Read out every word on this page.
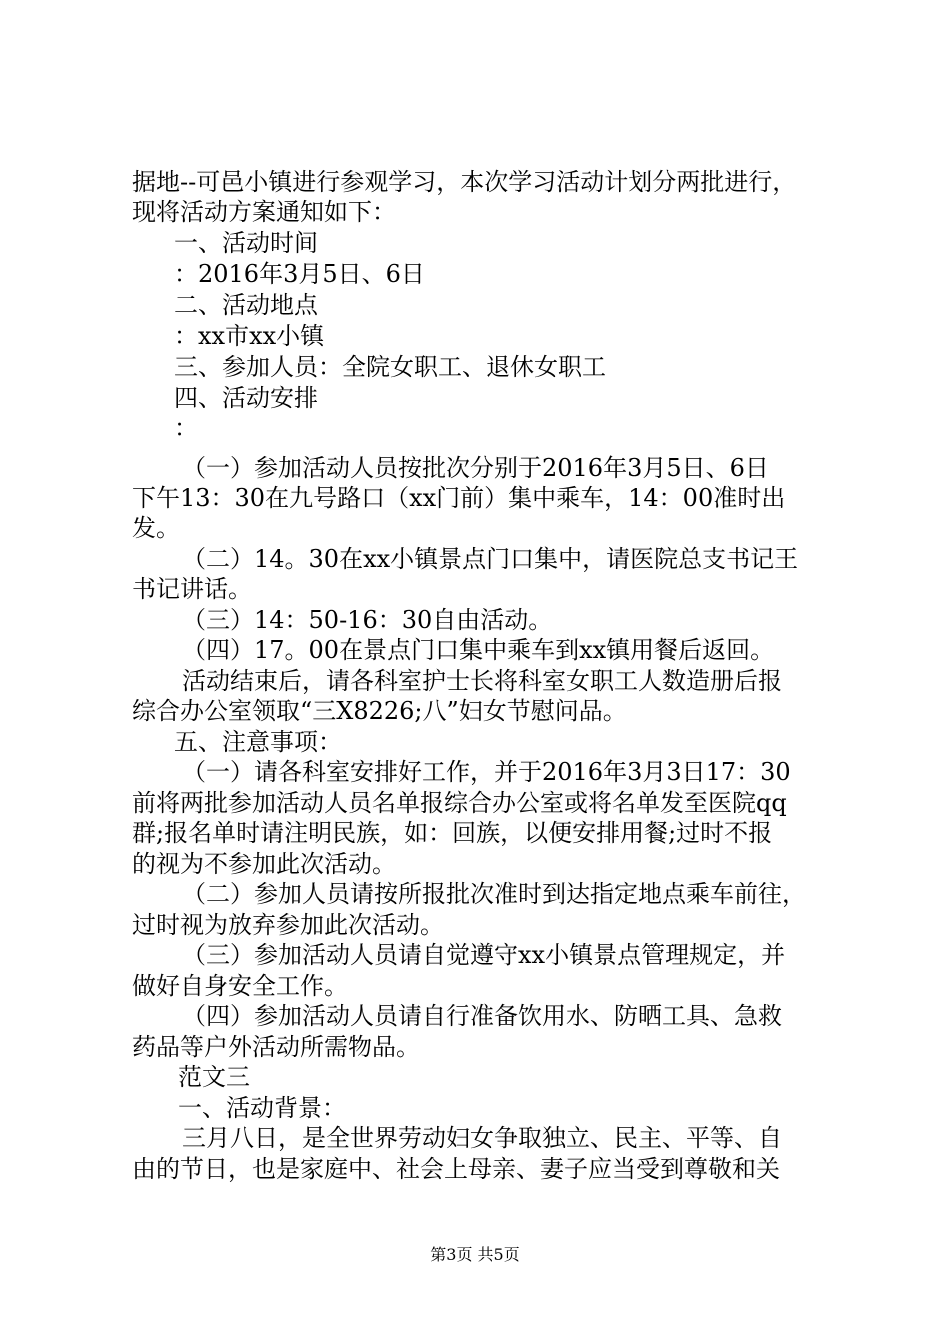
据地--可邑小镇进行参观学习，本次学习活动计划分两批进行，
现将活动方案通知如下：
一、活动时间
：2016年3月5日、6日
二、活动地点
：xx市xx小镇
三、参加人员：全院女职工、退休女职工
四、活动安排
：
（一）参加活动人员按批次分别于2016年3月5日、6日
下午13：30在九号路口（xx门前）集中乘车，14：00准时出
发。
（二）14。30在xx小镇景点门口集中，请医院总支书记王
书记讲话。
（三）14：50-16：30自由活动。
（四）17。00在景点门口集中乘车到xx镇用餐后返回。
活动结束后，请各科室护士长将科室女职工人数造册后报
综合办公室领取“三X8226;八”妇女节慰问品。
五、注意事项：
（一）请各科室安排好工作，并于2016年3月3日17：30
前将两批参加活动人员名单报综合办公室或将名单发至医院qq
群;报名单时请注明民族，如：回族，以便安排用餐;过时不报
的视为不参加此次活动。
（二）参加人员请按所报批次准时到达指定地点乘车前往，
过时视为放弃参加此次活动。
（三）参加活动人员请自觉遵守xx小镇景点管理规定，并
做好自身安全工作。
（四）参加活动人员请自行准备饮用水、防晒工具、急救
药品等户外活动所需物品。
范文三
一、活动背景：
三月八日，是全世界劳动妇女争取独立、民主、平等、自
由的节日，也是家庭中、社会上母亲、妻子应当受到尊敬和关
第3页 共5页
